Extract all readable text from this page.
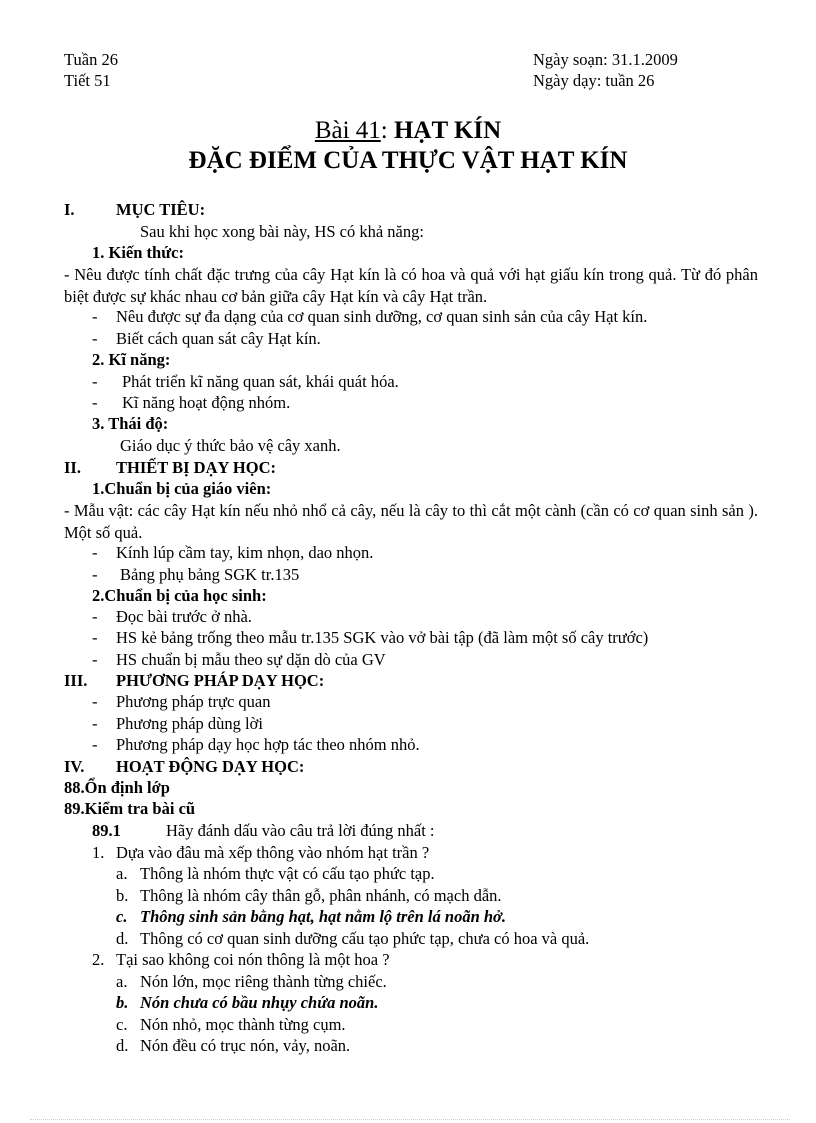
Tuần 26
Tiết 51
Ngày soạn: 31.1.2009
Ngày dạy: tuần 26
Bài 41: HẠT KÍN
ĐẶC ĐIỂM CỦA THỰC VẬT HẠT KÍN
I.	MỤC TIÊU:
Sau khi học xong bài này, HS có khả năng:
1. Kiến thức:
- Nêu được tính chất đặc trưng của cây Hạt kín là có hoa và quả với hạt giấu kín trong quả. Từ đó phân biệt được sự khác nhau cơ bản giữa cây Hạt kín và cây Hạt trần.
- Nêu được sự đa dạng của cơ quan sinh dưỡng, cơ quan sinh sản của cây Hạt kín.
- Biết cách quan sát cây Hạt kín.
2. Kĩ năng:
- Phát triển kĩ năng quan sát, khái quát hóa.
- Kĩ năng hoạt động nhóm.
3. Thái độ:
Giáo dục ý thức bảo vệ cây xanh.
II. THIẾT BỊ DẠY HỌC:
1.Chuẩn bị của giáo viên:
- Mẫu vật: các cây Hạt kín nếu nhỏ nhổ cả cây, nếu là cây to thì cắt một cành (cần có cơ quan sinh sản ). Một số quả.
- Kính lúp cầm tay, kim nhọn, dao nhọn.
- Bảng phụ bảng SGK tr.135
2.Chuẩn bị của học sinh:
- Đọc bài trước ở nhà.
- HS kẻ bảng trống theo mẫu tr.135 SGK vào vở bài tập (đã làm một số cây trước)
- HS chuẩn bị mẫu theo sự dặn dò của GV
III. PHƯƠNG PHÁP DẠY HỌC:
- Phương pháp trực quan
- Phương pháp dùng lời
- Phương pháp dạy học hợp tác theo nhóm nhỏ.
IV. HOẠT ĐỘNG DẠY HỌC:
88.Ổn định lớp
89.Kiểm tra bài cũ
89.1	Hãy đánh dấu vào câu trả lời đúng nhất :
1. Dựa vào đâu mà xếp thông vào nhóm hạt trần ?
a. Thông là nhóm thực vật có cấu tạo phức tạp.
b. Thông là nhóm cây thân gỗ, phân nhánh, có mạch dẫn.
c. Thông sinh sản bằng hạt, hạt nằm lộ trên lá noãn hở.
d. Thông có cơ quan sinh dưỡng cấu tạo phức tạp, chưa có hoa và quả.
2. Tại sao không coi nón thông là một hoa ?
a. Nón lớn, mọc riêng thành từng chiếc.
b. Nón chưa có bầu nhụy chứa noãn.
c. Nón nhỏ, mọc thành từng cụm.
d. Nón đều có trục nón, vảy, noãn.
